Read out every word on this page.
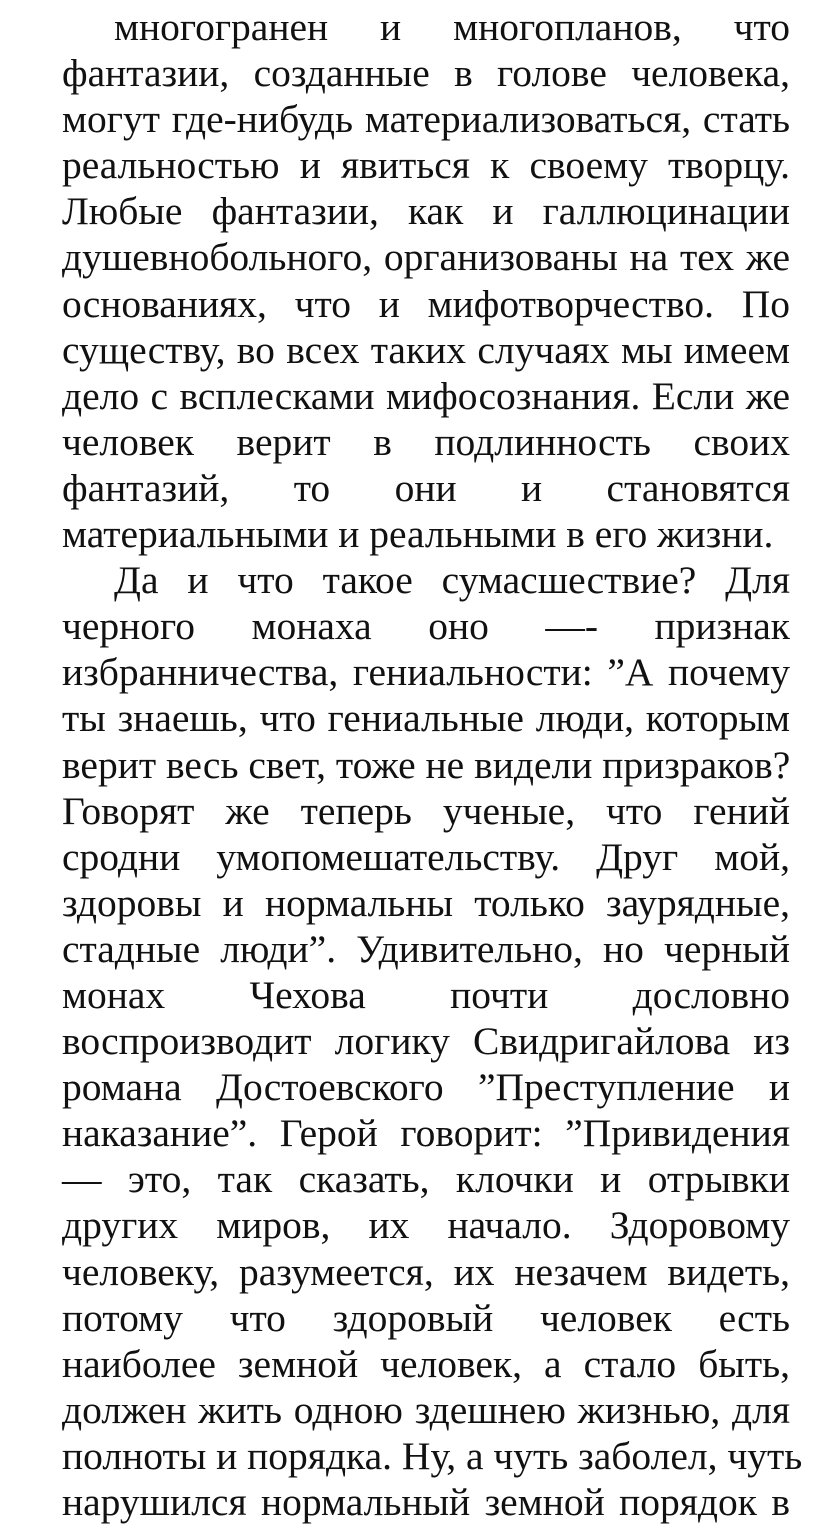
многогранен и многопланов, что
фантазии, созданные в голове человека,
могут где-нибудь материализоваться, стать
реальностью и явиться к своему творцу.
Любые фантазии, как и галлюцинации
душевнобольного, организованы на тех же
основаниях, что и мифотворчество. По
существу, во всех таких случаях мы имеем
дело с всплесками мифосознания. Если же
человек верит в подлинность своих
фантазий, то они и становятся
материальными и реальными в его жизни.
Да и что такое сумасшествие? Для
черного монаха оно —- признак
избранничества, гениальности: ”А почему
ты знаешь, что гениальные люди, которым
верит весь свет, тоже не видели призраков?
Говорят же теперь ученые, что гений
сродни умопомешательству. Друг мой,
здоровы и нормальны только заурядные,
стадные люди”. Удивительно, но черный
монах Чехова почти дословно
воспроизводит логику Свидригайлова из
романа Достоевского ”Преступление и
наказание”. Герой говорит: ”Привидения
— это, так сказать, клочки и отрывки
других миров, их начало. Здоровому
человеку, разумеется, их незачем видеть,
потому что здоровый человек есть
наиболее земной человек, а стало быть,
должен жить одною здешнею жизнью, для
полноты и порядка. Ну, а чуть заболел, чуть
нарушился нормальный земной порядок в
